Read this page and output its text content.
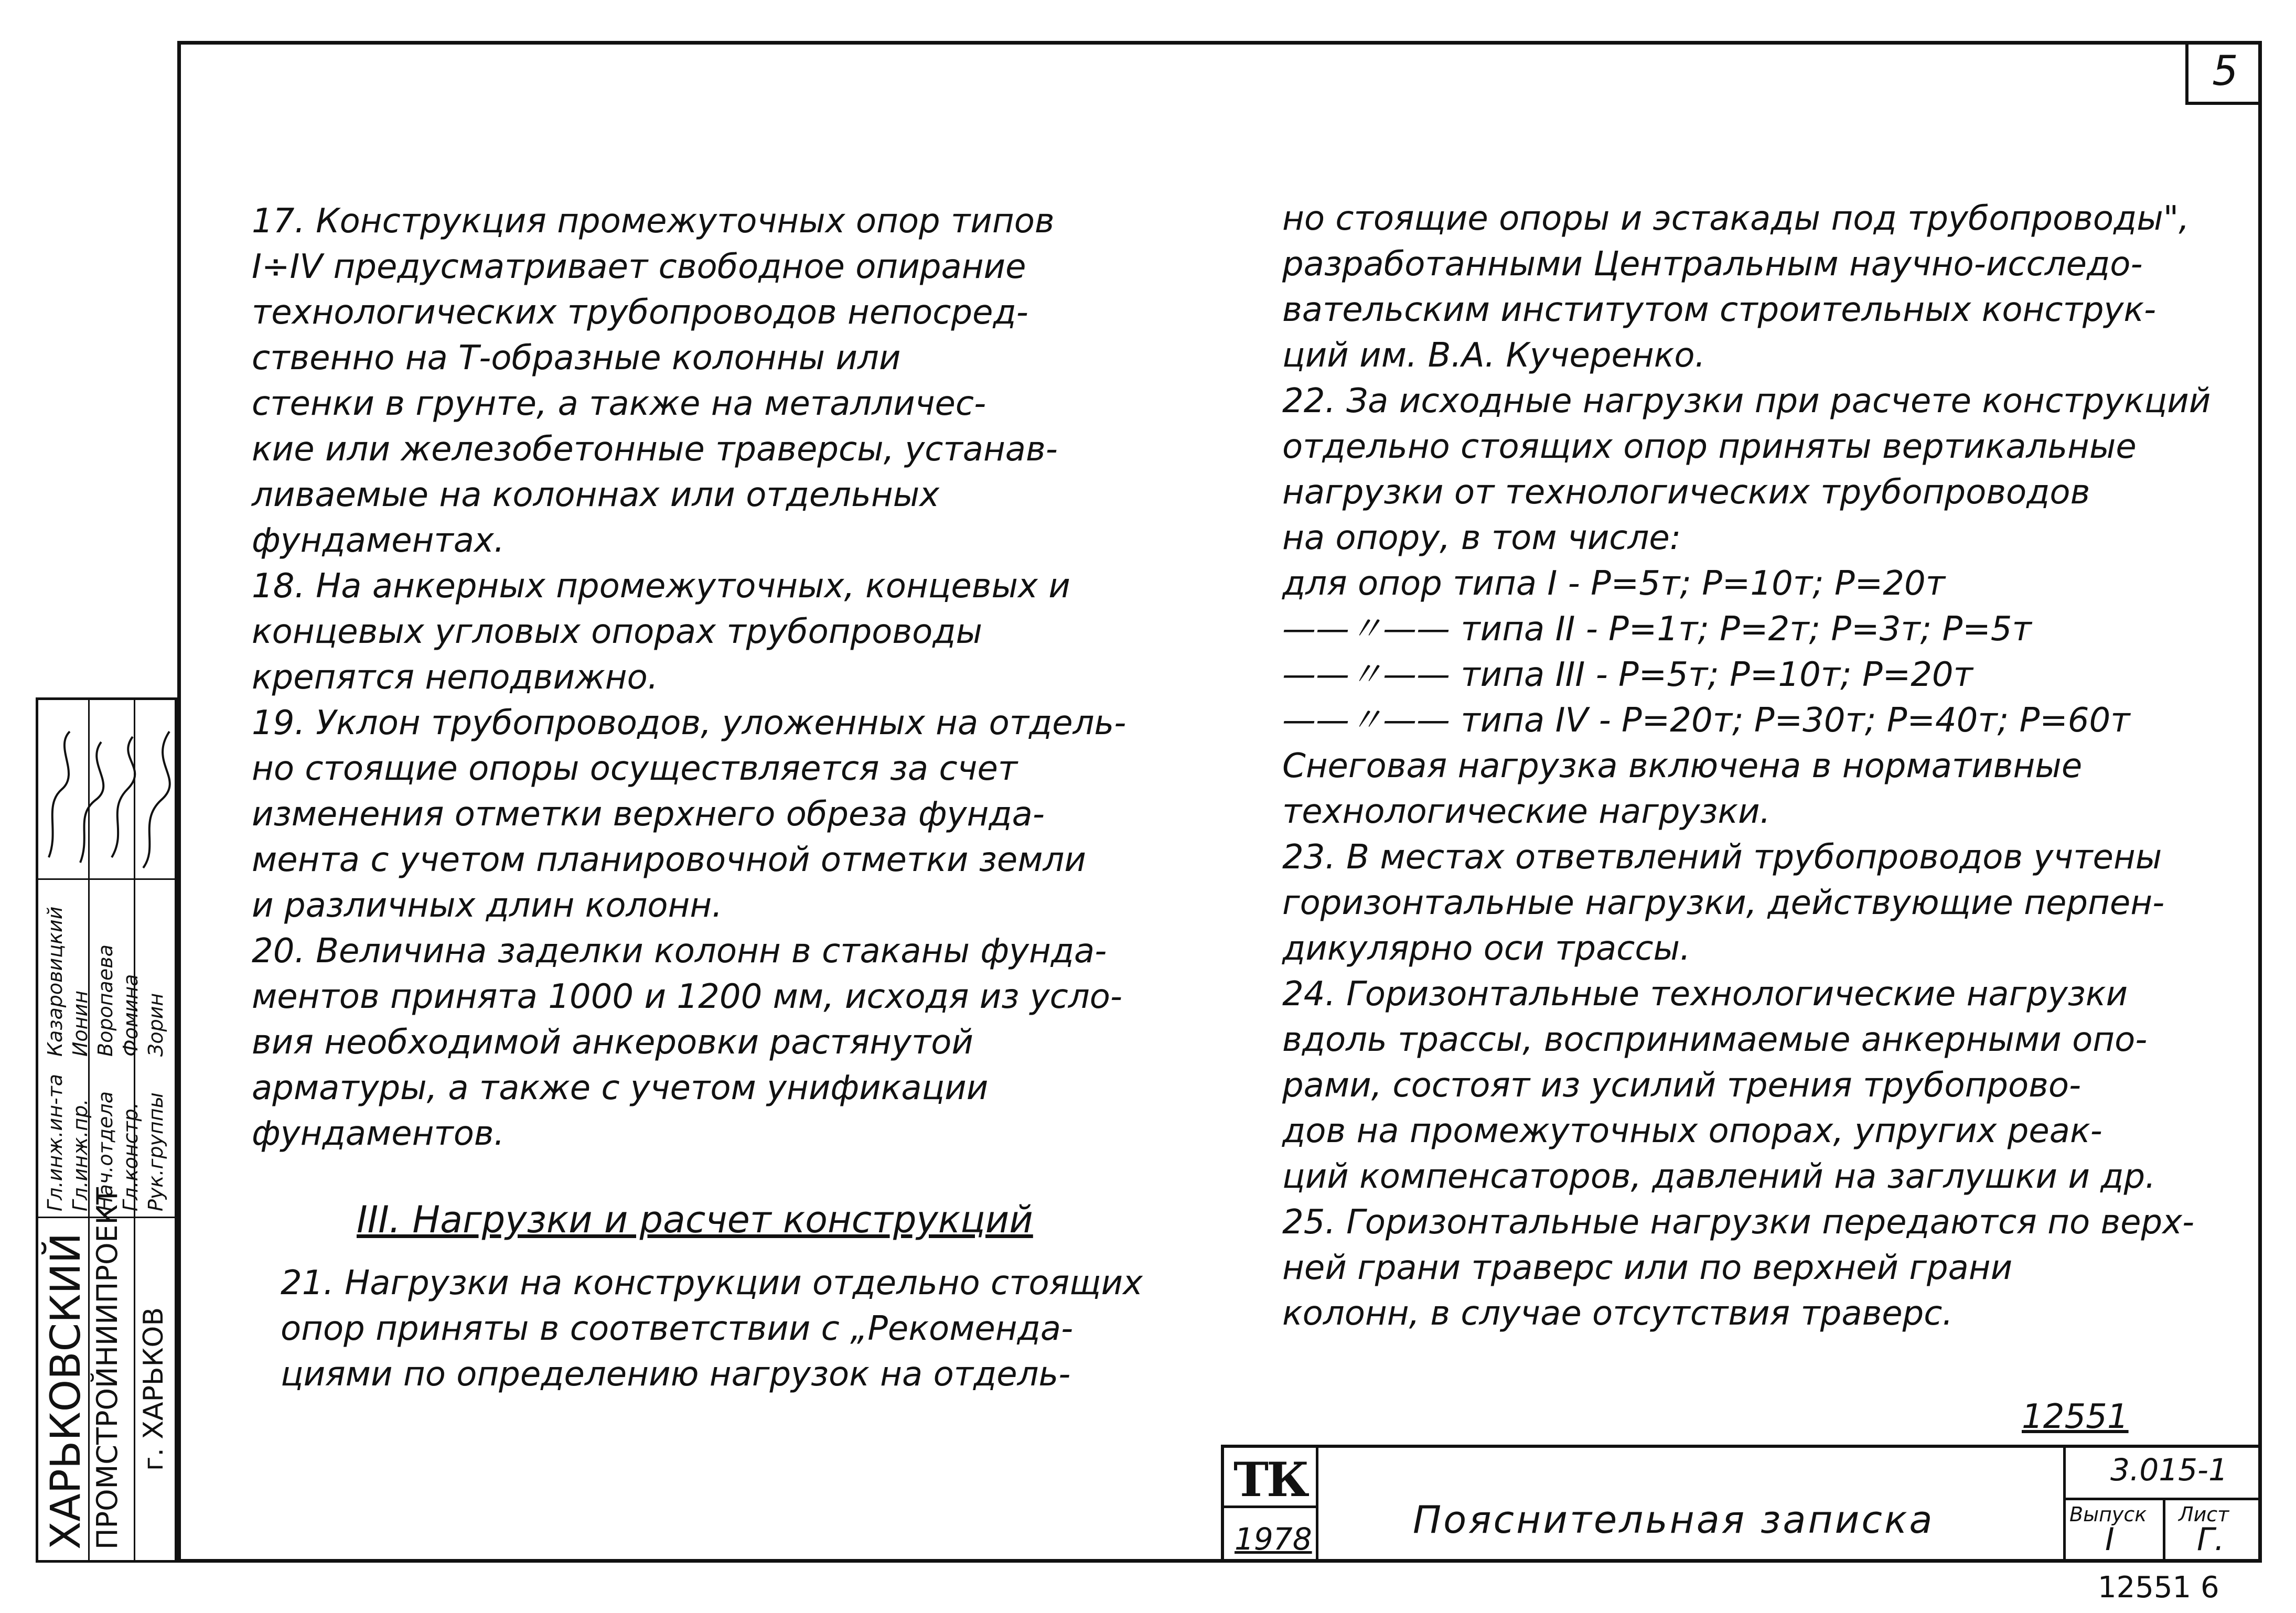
5

17. Конструкция промежуточных опор типов

I÷IV предусматривает свободное опирание

технологических трубопроводов непосред-

ственно на Т-образные колонны или

стенки в грунте, а также на металличес-

кие или железобетонные траверсы, устанав-

ливаемые на колоннах или отдельных

фундаментах.

18. На анкерных промежуточных, концевых и

концевых угловых опорах трубопроводы

крепятся неподвижно.

19. Уклон трубопроводов, уложенных на отдель-

но стоящие опоры осуществляется за счет

изменения отметки верхнего обреза фунда-

мента с учетом планировочной отметки земли

и различных длин колонн.

20. Величина заделки колонн в стаканы фунда-

ментов принята 1000 и 1200 мм, исходя из усло-

вия необходимой анкеровки растянутой

арматуры, а также с учетом унификации

фундаментов.

III. Нагрузки и расчет конструкций

21. Нагрузки на конструкции отдельно стоящих

опор приняты в соответствии с „Рекоменда-

циями по определению нагрузок на отдель-

но стоящие опоры и эстакады под трубопроводы",

разработанными Центральным научно-исследо-

вательским институтом строительных конструк-

ций им. В.А. Кучеренко.

22. За исходные нагрузки при расчете конструкций

отдельно стоящих опор приняты вертикальные

нагрузки от технологических трубопроводов

на опору, в том числе:

для опор типа I - P=5т; P=10т; P=20т

——〃—— типа II - P=1т; P=2т; P=3т; P=5т

——〃—— типа III - P=5т; P=10т; P=20т

——〃—— типа IV - P=20т; P=30т; P=40т; P=60т

Снеговая нагрузка включена в нормативные

технологические нагрузки.

23. В местах ответвлений трубопроводов учтены

горизонтальные нагрузки, действующие перпен-

дикулярно оси трассы.

24. Горизонтальные технологические нагрузки

вдоль трассы, воспринимаемые анкерными опо-

рами, состоят из усилий трения трубопрово-

дов на промежуточных опорах, упругих реак-

ций компенсаторов, давлений на заглушки и др.

25. Горизонтальные нагрузки передаются по верх-

ней грани траверс или по верхней грани

колонн, в случае отсутствия траверс.

ХАРЬКОВСКИЙ ПРОМСТРОЙНИИПРОЕКТ г. ХАРЬКОВ
Гл.инж.ин-та Гл.инж.пр. Нач.отдела Гл.констр. Рук.группы
Казаровицкий Ионин Воропаева Фомина Зорин
12551
ТК
1978	Пояснительная записка
3.015-1
Выпуск
I
Лист
Г.
12551 6
